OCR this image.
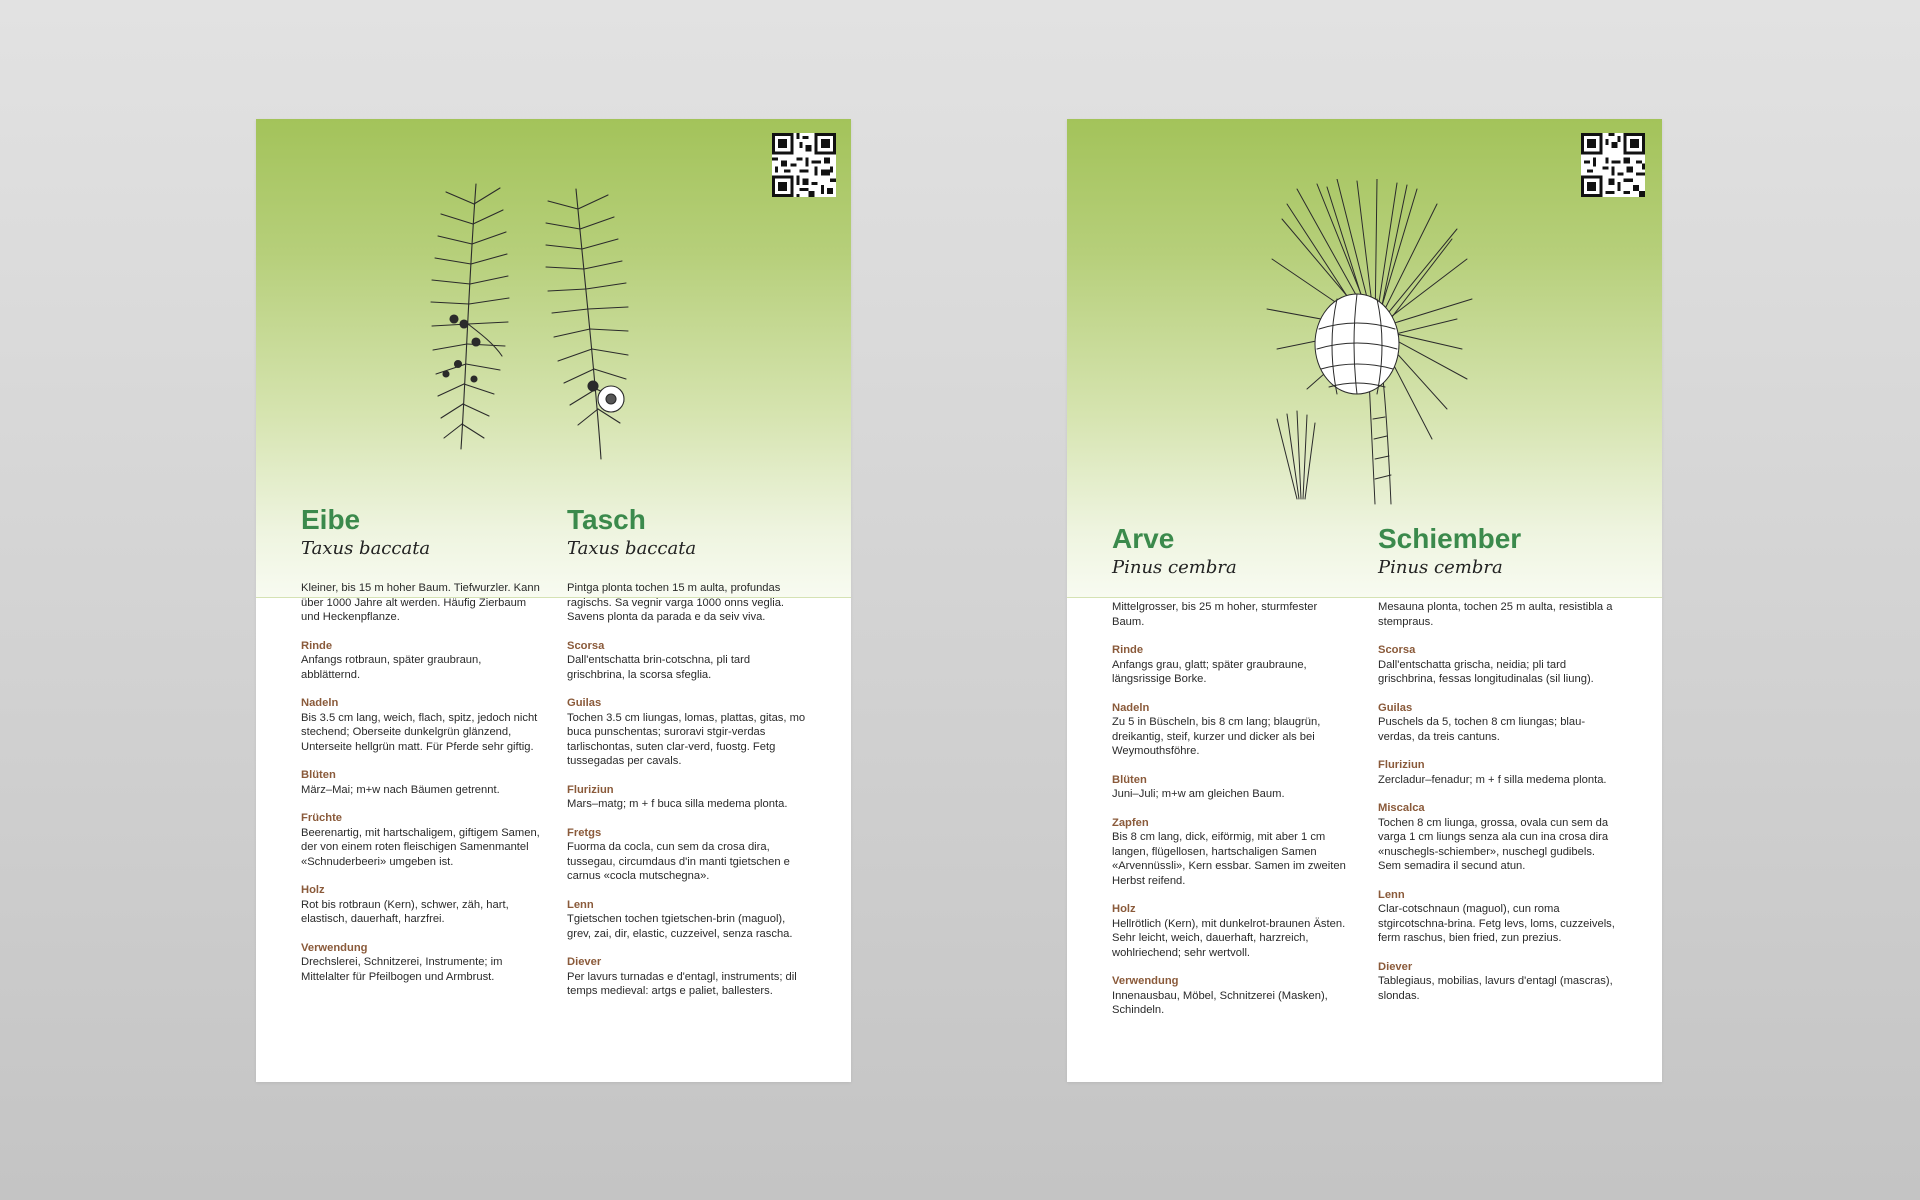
Eibe
Taxus baccata

Kleiner, bis 15 m hoher Baum. Tiefwurzler. Kann über 1000 Jahre alt werden. Häufig Zierbaum und Heckenpflanze.

Rinde
Anfangs rotbraun, später graubraun, abblätternd.
Nadeln
Bis 3.5 cm lang, weich, flach, spitz, jedoch nicht stechend; Oberseite dunkelgrün glänzend, Unterseite hellgrün matt. Für Pferde sehr giftig.
Blüten
März–Mai; m+w nach Bäumen getrennt.
Früchte
Beerenartig, mit hartschaligem, giftigem Samen, der von einem roten fleischigen Samenmantel «Schnuderbeeri» umgeben ist.
Holz
Rot bis rotbraun (Kern), schwer, zäh, hart, elastisch, dauerhaft, harzfrei.
Verwendung
Drechslerei, Schnitzerei, Instrumente; im Mittelalter für Pfeilbogen und Armbrust.
Tasch
Taxus baccata

Pintga plonta tochen 15 m aulta, profundas ragischs. Sa vegnir varga 1000 onns veglia. Savens plonta da parada e da seiv viva.

Scorsa
Dall'entschatta brin-cotschna, pli tard grischbrina, la scorsa sfeglia.
Guilas
Tochen 3.5 cm liungas, lomas, plattas, gitas, mo buca punschentas; suroravi stgir-verdas tarlischontas, suten clar-verd, fuostg. Fetg tussegadas per cavals.
Fluriziun
Mars–matg; m + f buca silla medema plonta.
Fretgs
Fuorma da cocla, cun sem da crosa dira, tussegau, circumdaus d'in manti tgietschen e carnus «cocla mutschegna».
Lenn
Tgietschen tochen tgietschen-brin (maguol), grev, zai, dir, elastic, cuzzeivel, senza rascha.
Diever
Per lavurs turnadas e d'entagl, instruments; dil temps medieval: artgs e paliet, ballesters.
Arve
Pinus cembra

Mittelgrosser, bis 25 m hoher, sturmfester Baum.

Rinde
Anfangs grau, glatt; später graubraune, längsrissige Borke.
Nadeln
Zu 5 in Büscheln, bis 8 cm lang; blaugrün, dreikantig, steif, kurzer und dicker als bei Weymouthsföhre.
Blüten
Juni–Juli; m+w am gleichen Baum.
Zapfen
Bis 8 cm lang, dick, eiförmig, mit aber 1 cm langen, flügellosen, hartschaligen Samen «Arvennüssli», Kern essbar. Samen im zweiten Herbst reifend.
Holz
Hellrötlich (Kern), mit dunkelrot-braunen Ästen. Sehr leicht, weich, dauerhaft, harzreich, wohlriechend; sehr wertvoll.
Verwendung
Innenausbau, Möbel, Schnitzerei (Masken), Schindeln.
Schiember
Pinus cembra

Mesauna plonta, tochen 25 m aulta, resistibla a stempraus.

Scorsa
Dall'entschatta grischa, neidia; pli tard grischbrina, fessas longitudinalas (sil liung).
Guilas
Puschels da 5, tochen 8 cm liungas; blau-verdas, da treis cantuns.
Fluriziun
Zercladur–fenadur; m + f silla medema plonta.
Miscalca
Tochen 8 cm liunga, grossa, ovala cun sem da varga 1 cm liungs senza ala cun ina crosa dira «nuschegls-schiember», nuschegl gudibels. Sem semadira il secund atun.
Lenn
Clar-cotschnaun (maguol), cun roma stgircotschna-brina. Fetg levs, loms, cuzzeivels, ferm raschus, bien fried, zun prezius.
Diever
Tablegiaus, mobilias, lavurs d'entagl (mascras), slondas.
